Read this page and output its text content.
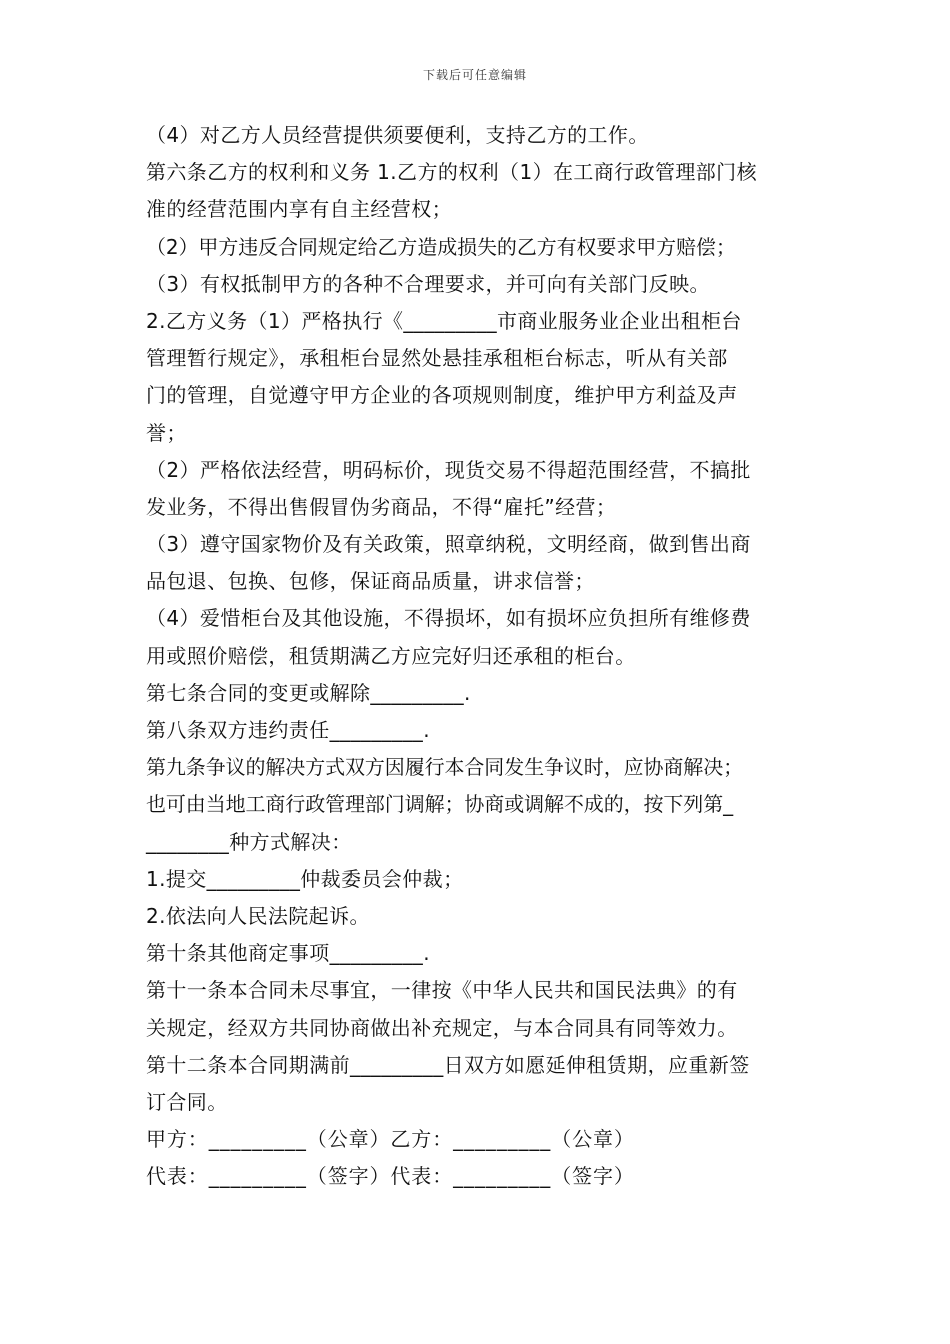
下载后可任意编辑
（4）对乙方人员经营提供须要便利，支持乙方的工作。
第六条乙方的权利和义务 1.乙方的权利（1）在工商行政管理部门核
准的经营范围内享有自主经营权；
（2）甲方违反合同规定给乙方造成损失的乙方有权要求甲方赔偿；
（3）有权抵制甲方的各种不合理要求，并可向有关部门反映。
2.乙方义务（1）严格执行《_________市商业服务业企业出租柜台
管理暂行规定》，承租柜台显然处悬挂承租柜台标志，听从有关部
门的管理，自觉遵守甲方企业的各项规则制度，维护甲方利益及声
誉；
（2）严格依法经营，明码标价，现货交易不得超范围经营，不搞批
发业务，不得出售假冒伪劣商品，不得“雇托”经营；
（3）遵守国家物价及有关政策，照章纳税，文明经商，做到售出商
品包退、包换、包修，保证商品质量，讲求信誉；
（4）爱惜柜台及其他设施，不得损坏，如有损坏应负担所有维修费
用或照价赔偿，租赁期满乙方应完好归还承租的柜台。
第七条合同的变更或解除_________.
第八条双方违约责任_________.
第九条争议的解决方式双方因履行本合同发生争议时，应协商解决；
也可由当地工商行政管理部门调解；协商或调解不成的，按下列第_
________种方式解决：
1.提交_________仲裁委员会仲裁；
2.依法向人民法院起诉。
第十条其他商定事项_________.
第十一条本合同未尽事宜，一律按《中华人民共和国民法典》的有
关规定，经双方共同协商做出补充规定，与本合同具有同等效力。
第十二条本合同期满前_________日双方如愿延伸租赁期，应重新签
订合同。
甲方：_________（公章）乙方：_________（公章）
代表：_________（签字）代表：_________（签字）
